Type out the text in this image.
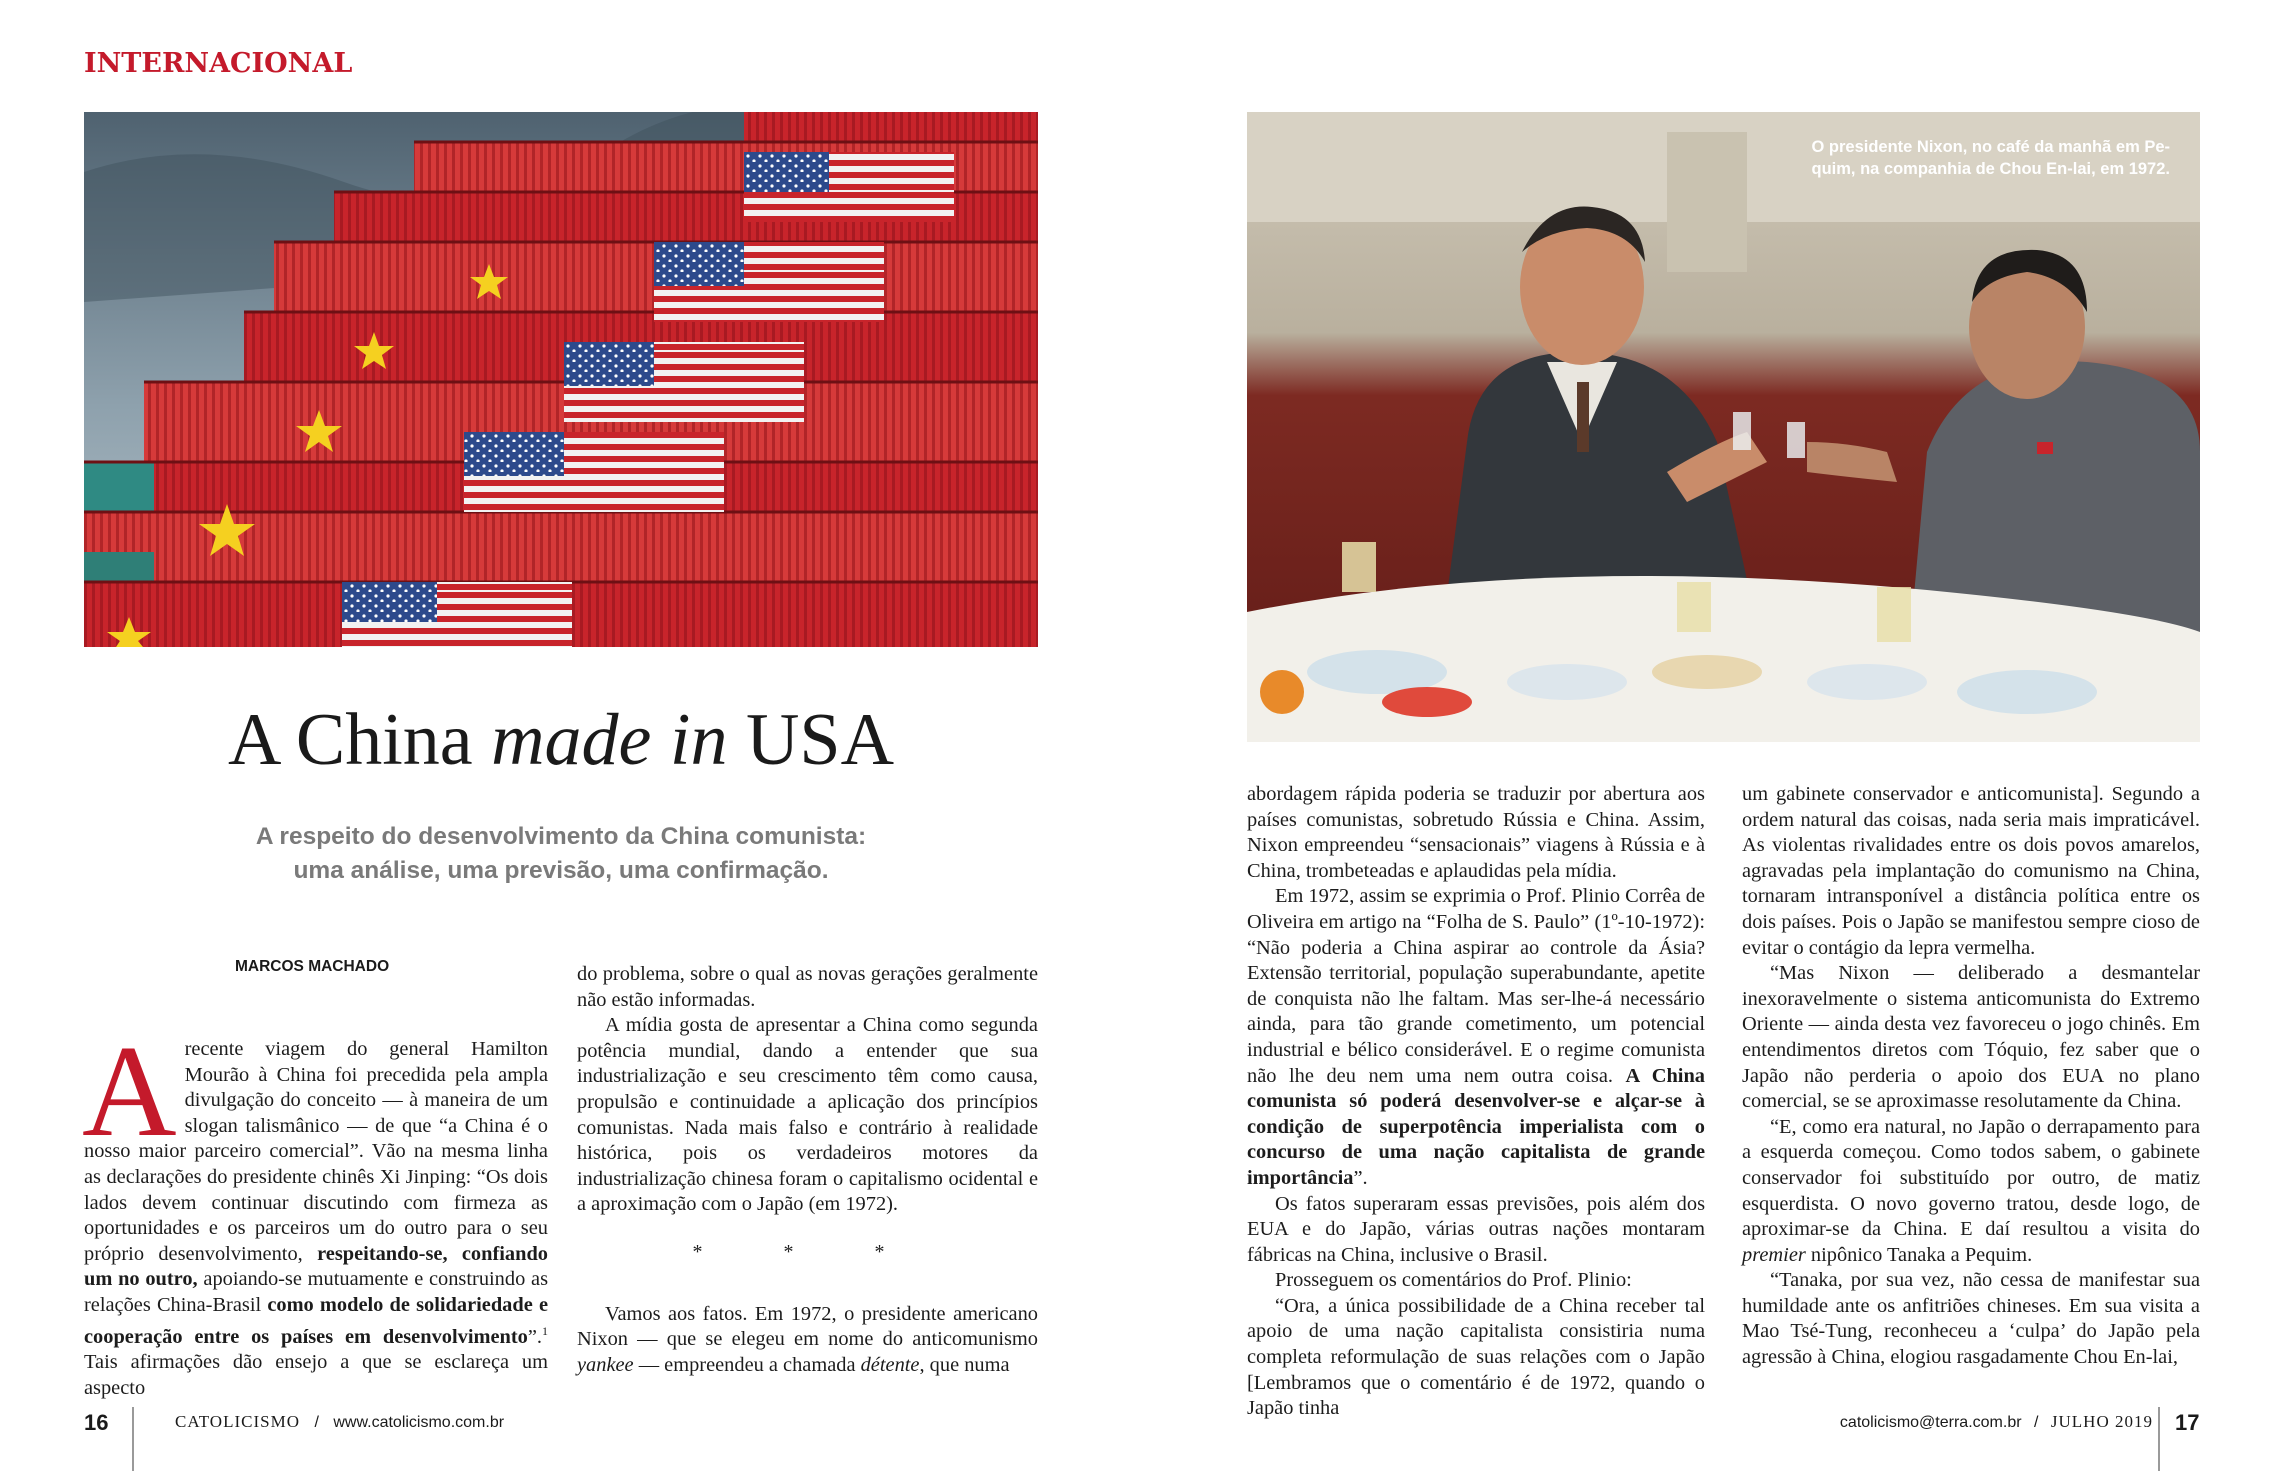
INTERNACIONAL
O presidente Nixon, no café da manhã em Pe-
quim, na companhia de Chou En-lai, em 1972.
A China made in USA
A respeito do desenvolvimento da China comunista:
uma análise, uma previsão, uma confirmação.
MARCOS MACHADO

Arecente viagem do general Hamilton Mourão à China foi precedida pela ampla divulgação do conceito — à maneira de um slogan talismânico — de que “a China é o nosso maior parceiro comercial”. Vão na mesma linha as declarações do presidente chinês Xi Jinping: “Os dois lados devem continuar discutindo com firmeza as oportunidades e os parceiros um do outro para o seu próprio desenvolvimento, respeitando-se, confiando um no outro, apoiando-se mutuamente e construindo as relações China-Brasil como modelo de solidariedade e cooperação entre os países em desenvolvimento”.$^1$ Tais afirmações dão ensejo a que se esclareça um aspecto

do problema, sobre o qual as novas gerações geralmente não estão informadas.

A mídia gosta de apresentar a China como segunda potência mundial, dando a entender que sua industrialização e seu crescimento têm como causa, propulsão e continuidade a aplicação dos princípios comunistas. Nada mais falso e contrário à realidade histórica, pois os verdadeiros motores da industrialização chinesa foram o capitalismo ocidental e a aproximação com o Japão (em 1972).

* * *

Vamos aos fatos. Em 1972, o presidente americano Nixon — que se elegeu em nome do anticomunismo yankee — empreendeu a chamada détente, que numa

abordagem rápida poderia se traduzir por abertura aos países comunistas, sobretudo Rússia e China. Assim, Nixon empreendeu “sensacionais” viagens à Rússia e à China, trombeteadas e aplaudidas pela mídia.

Em 1972, assim se exprimia o Prof. Plinio Corrêa de Oliveira em artigo na “Folha de S. Paulo” (1º-10-1972): “Não poderia a China aspirar ao controle da Ásia? Extensão territorial, população superabundante, apetite de conquista não lhe faltam. Mas ser-lhe-á necessário ainda, para tão grande cometimento, um potencial industrial e bélico considerável. E o regime comunista não lhe deu nem uma nem outra coisa. A China comunista só poderá desenvolver-se e alçar-se à condição de superpotência imperialista com o concurso de uma nação capitalista de grande importância”.

Os fatos superaram essas previsões, pois além dos EUA e do Japão, várias outras nações montaram fábricas na China, inclusive o Brasil.

Prosseguem os comentários do Prof. Plinio:

“Ora, a única possibilidade de a China receber tal apoio de uma nação capitalista consistiria numa completa reformulação de suas relações com o Japão [Lembramos que o comentário é de 1972, quando o Japão tinha

um gabinete conservador e anticomunista]. Segundo a ordem natural das coisas, nada seria mais impraticável. As violentas rivalidades entre os dois povos amarelos, agravadas pela implantação do comunismo na China, tornaram intransponível a distância política entre os dois países. Pois o Japão se manifestou sempre cioso de evitar o contágio da lepra vermelha.

“Mas Nixon — deliberado a desmantelar inexoravelmente o sistema anticomunista do Extremo Oriente — ainda desta vez favoreceu o jogo chinês. Em entendimentos diretos com Tóquio, fez saber que o Japão não perderia o apoio dos EUA no plano comercial, se se aproximasse resolutamente da China.

“E, como era natural, no Japão o derrapamento para a esquerda começou. Como todos sabem, o gabinete conservador foi substituído por outro, de matiz esquerdista. O novo governo tratou, desde logo, de aproximar-se da China. E daí resultou a visita do premier nipônico Tanaka a Pequim.

“Tanaka, por sua vez, não cessa de manifestar sua humildade ante os anfitriões chineses. Em sua visita a Mao Tsé-Tung, reconheceu a ‘culpa’ do Japão pela agressão à China, elogiou rasgadamente Chou En-lai,

16	CATOLICISMO / www.catolicismo.com.br	catolicismo@terra.com.br / JULHO 2019 17
